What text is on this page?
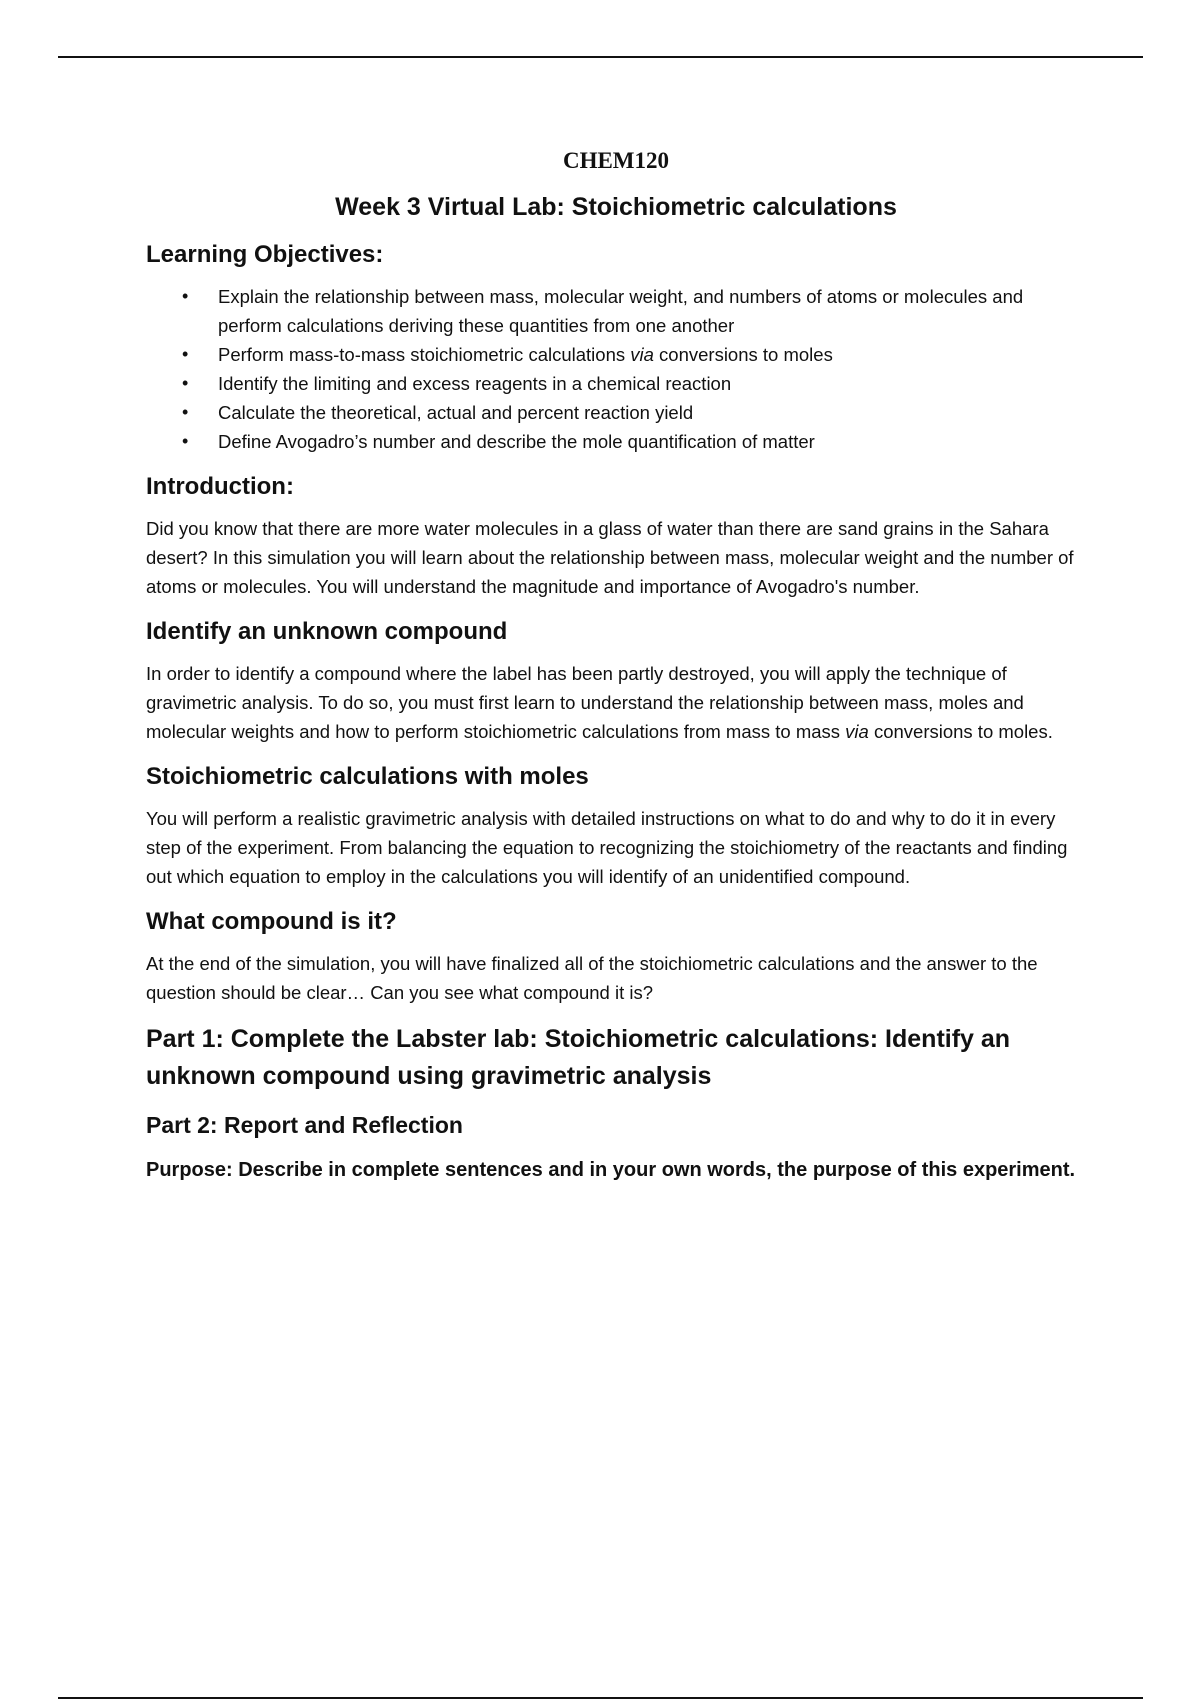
CHEM120
Week 3 Virtual Lab: Stoichiometric calculations
Learning Objectives:
• Explain the relationship between mass, molecular weight, and numbers of atoms or molecules and perform calculations deriving these quantities from one another
• Perform mass-to-mass stoichiometric calculations via conversions to moles
• Identify the limiting and excess reagents in a chemical reaction
• Calculate the theoretical, actual and percent reaction yield
• Define Avogadro’s number and describe the mole quantification of matter
Introduction:

Did you know that there are more water molecules in a glass of water than there are sand grains in the Sahara desert? In this simulation you will learn about the relationship between mass, molecular weight and the number of atoms or molecules. You will understand the magnitude and importance of Avogadro's number.

Identify an unknown compound

In order to identify a compound where the label has been partly destroyed, you will apply the technique of gravimetric analysis. To do so, you must first learn to understand the relationship between mass, moles and molecular weights and how to perform stoichiometric calculations from mass to mass via conversions to moles.

Stoichiometric calculations with moles

You will perform a realistic gravimetric analysis with detailed instructions on what to do and why to do it in every step of the experiment. From balancing the equation to recognizing the stoichiometry of the reactants and finding out which equation to employ in the calculations you will identify of an unidentified compound.

What compound is it?

At the end of the simulation, you will have finalized all of the stoichiometric calculations and the answer to the question should be clear… Can you see what compound it is?

Part 1: Complete the Labster lab: Stoichiometric calculations: Identify an unknown compound using gravimetric analysis
Part 2: Report and Reflection

Purpose: Describe in complete sentences and in your own words, the purpose of this experiment.
